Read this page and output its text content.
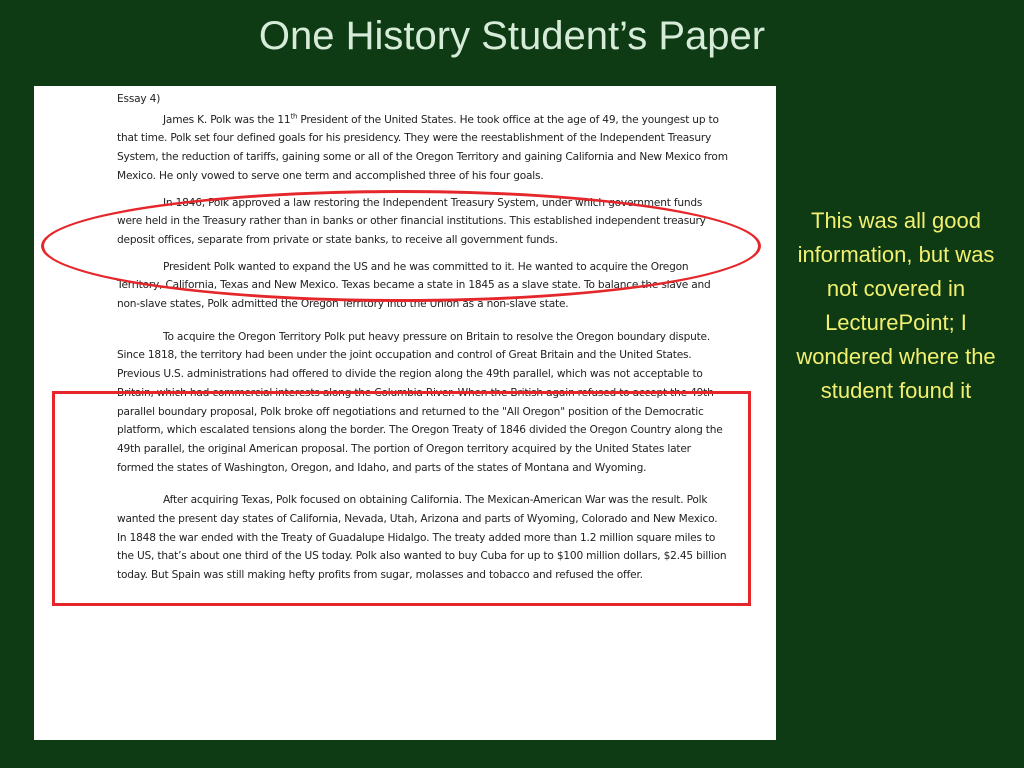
One History Student’s Paper

Essay 4)

James K. Polk was the 11th President of the United States. He took office at the age of 49, the youngest up to that time. Polk set four defined goals for his presidency. They were the reestablishment of the Independent Treasury System, the reduction of tariffs, gaining some or all of the Oregon Territory and gaining California and New Mexico from Mexico. He only vowed to serve one term and accomplished three of his four goals.

In 1846, Polk approved a law restoring the Independent Treasury System, under which government funds were held in the Treasury rather than in banks or other financial institutions. This established independent treasury deposit offices, separate from private or state banks, to receive all government funds.

President Polk wanted to expand the US and he was committed to it. He wanted to acquire the Oregon Territory, California, Texas and New Mexico. Texas became a state in 1845 as a slave state. To balance the slave and non-slave states, Polk admitted the Oregon Territory into the Union as a non-slave state.

To acquire the Oregon Territory Polk put heavy pressure on Britain to resolve the Oregon boundary dispute. Since 1818, the territory had been under the joint occupation and control of Great Britain and the United States. Previous U.S. administrations had offered to divide the region along the 49th parallel, which was not acceptable to Britain, which had commercial interests along the Columbia River. When the British again refused to accept the 49th parallel boundary proposal, Polk broke off negotiations and returned to the "All Oregon" position of the Democratic platform, which escalated tensions along the border. The Oregon Treaty of 1846 divided the Oregon Country along the 49th parallel, the original American proposal. The portion of Oregon territory acquired by the United States later formed the states of Washington, Oregon, and Idaho, and parts of the states of Montana and Wyoming.

After acquiring Texas, Polk focused on obtaining California. The Mexican-American War was the result. Polk wanted the present day states of California, Nevada, Utah, Arizona and parts of Wyoming, Colorado and New Mexico. In 1848 the war ended with the Treaty of Guadalupe Hidalgo. The treaty added more than 1.2 million square miles to the US, that’s about one third of the US today. Polk also wanted to buy Cuba for up to $100 million dollars, $2.45 billion today. But Spain was still making hefty profits from sugar, molasses and tobacco and refused the offer.

This was all good information, but was not covered in LecturePoint; I wondered where the student found it
